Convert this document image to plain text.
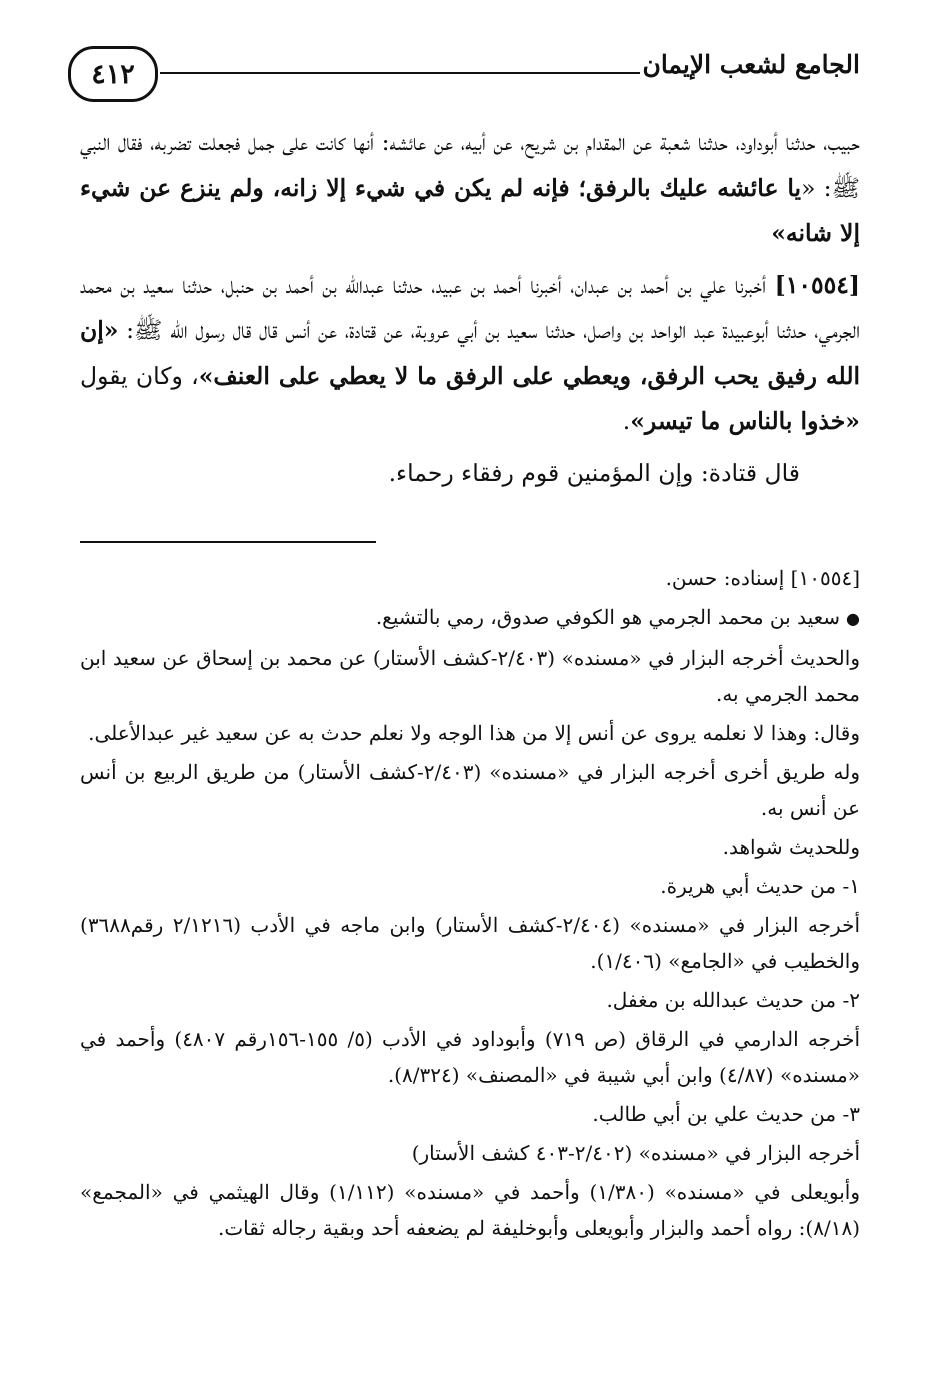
٤١٢	الجامع لشعب الإيمان

حبيب، حدثنا أبوداود، حدثنا شعبة عن المقدام بن شريح، عن أبيه، عن عائشه: أنها كانت على جمل فجعلت تضربه، فقال النبي ﷺ: «يا عائشه عليك بالرفق؛ فإنه لم يكن في شيء إلا زانه، ولم ينزع عن شيء إلا شانه»

[١٠٥٥٤] أخبرنا علي بن أحمد بن عبدان، أخبرنا أحمد بن عبيد، حدثنا عبدالله بن أحمد بن حنبل، حدثنا سعيد بن محمد الجرمي، حدثنا أبوعبيدة عبد الواحد بن واصل، حدثنا سعيد بن أبي عروبة، عن قتادة، عن أنس قال قال رسول الله ﷺ: «إن الله رفيق يحب الرفق، ويعطي على الرفق ما لا يعطي على العنف»، وكان يقول «خذوا بالناس ما تيسر».

قال قتادة: وإن المؤمنين قوم رفقاء رحماء.

[١٠٥٥٤] إسناده: حسن.

●سعيد بن محمد الجرمي هو الكوفي صدوق، رمي بالتشيع.

والحديث أخرجه البزار في «مسنده» (٢/٤٠٣-كشف الأستار) عن محمد بن إسحاق عن سعيد ابن محمد الجرمي به.

وقال: وهذا لا نعلمه يروى عن أنس إلا من هذا الوجه ولا نعلم حدث به عن سعيد غير عبدالأعلى.

وله طريق أخرى أخرجه البزار في «مسنده» (٢/٤٠٣-كشف الأستار) من طريق الربيع بن أنس عن أنس به.

وللحديث شواهد.

١- من حديث أبي هريرة.

أخرجه البزار في «مسنده» (٢/٤٠٤-كشف الأستار) وابن ماجه في الأدب (٢/١٢١٦ رقم٣٦٨٨) والخطيب في «الجامع» (١/٤٠٦).

٢- من حديث عبدالله بن مغفل.

أخرجه الدارمي في الرقاق (ص ٧١٩) وأبوداود في الأدب (٥/ ١٥٥-١٥٦رقم ٤٨٠٧) وأحمد في «مسنده» (٤/٨٧) وابن أبي شيبة في «المصنف» (٨/٣٢٤).

٣- من حديث علي بن أبي طالب.

أخرجه البزار في «مسنده» (٢/٤٠٢-٤٠٣ كشف الأستار)

وأبويعلى في «مسنده» (١/٣٨٠) وأحمد في «مسنده» (١/١١٢) وقال الهيثمي في «المجمع» (٨/١٨): رواه أحمد والبزار وأبويعلى وأبوخليفة لم يضعفه أحد وبقية رجاله ثقات.
